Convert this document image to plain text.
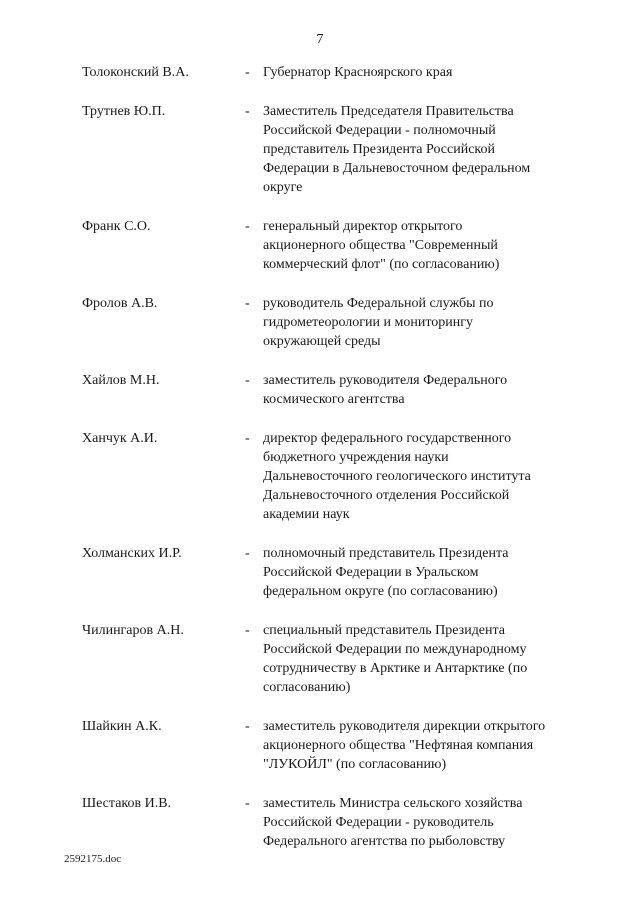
7
Толоконский В.А.	- Губернатор Красноярского края
Трутнев Ю.П.	- Заместитель Председателя Правительства Российской Федерации - полномочный представитель Президента Российской Федерации в Дальневосточном федеральном округе
Франк С.О.	- генеральный директор открытого акционерного общества "Современный коммерческий флот" (по согласованию)
Фролов А.В.	- руководитель Федеральной службы по гидрометеорологии и мониторингу окружающей среды
Хайлов М.Н.	- заместитель руководителя Федерального космического агентства
Ханчук А.И.	- директор федерального государственного бюджетного учреждения науки Дальневосточного геологического института Дальневосточного отделения Российской академии наук
Холманских И.Р.	- полномочный представитель Президента Российской Федерации в Уральском федеральном округе (по согласованию)
Чилингаров А.Н.	- специальный представитель Президента Российской Федерации по международному сотрудничеству в Арктике и Антарктике (по согласованию)
Шайкин А.К.	- заместитель руководителя дирекции открытого акционерного общества "Нефтяная компания "ЛУКОЙЛ" (по согласованию)
Шестаков И.В.	- заместитель Министра сельского хозяйства Российской Федерации - руководитель Федерального агентства по рыболовству
2592175.doc
